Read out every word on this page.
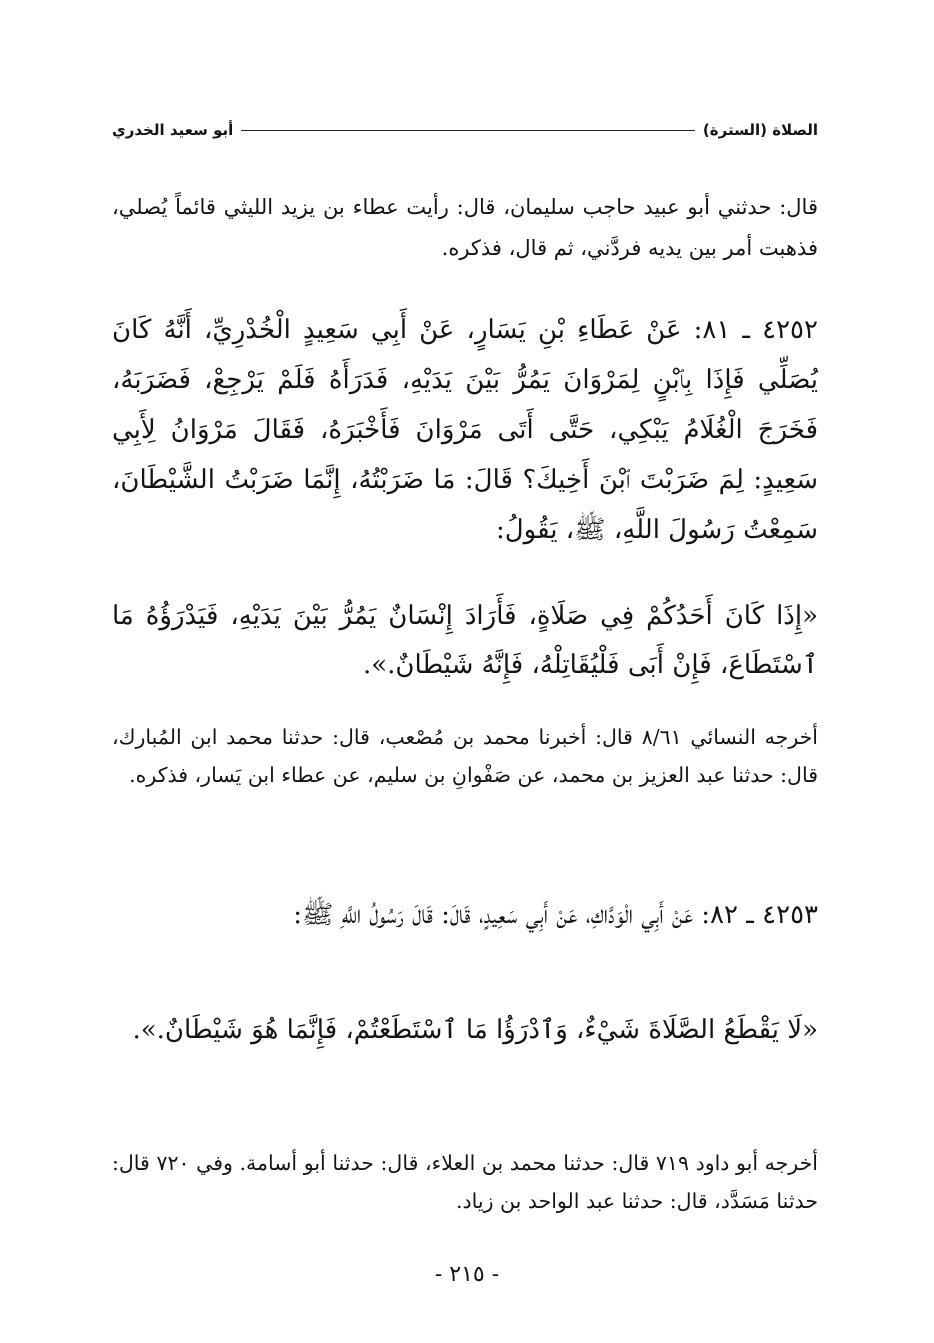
الصلاة (السترة)
أبو سعيد الخدري

قال: حدثني أبو عبيد حاجب سليمان، قال: رأيت عطاء بن يزيد الليثي قائماً يُصلي، فذهبت أمر بين يديه فردَّني، ثم قال، فذكره.

٤٢٥٢ ـ ٨١: عَنْ عَطَاءِ بْنِ يَسَارٍ، عَنْ أَبِي سَعِيدٍ الْخُدْرِيِّ، أَنَّهُ كَانَ يُصَلِّي فَإِذَا بِٱبْنٍ لِمَرْوَانَ يَمُرُّ بَيْنَ يَدَيْهِ، فَدَرَأَهُ فَلَمْ يَرْجِعْ، فَضَرَبَهُ، فَخَرَجَ الْغُلَامُ يَبْكِي، حَتَّى أَتَى مَرْوَانَ فَأَخْبَرَهُ، فَقَالَ مَرْوَانُ لِأَبِي سَعِيدٍ: لِمَ ضَرَبْتَ ٱبْنَ أَخِيكَ؟ قَالَ: مَا ضَرَبْتُهُ، إِنَّمَا ضَرَبْتُ الشَّيْطَانَ، سَمِعْتُ رَسُولَ اللَّهِ، ﷺ، يَقُولُ:

«إِذَا كَانَ أَحَدُكُمْ فِي صَلَاةٍ، فَأَرَادَ إِنْسَانٌ يَمُرُّ بَيْنَ يَدَيْهِ، فَيَدْرَؤُهُ مَا ٱسْتَطَاعَ، فَإِنْ أَبَى فَلْيُقَاتِلْهُ، فَإِنَّهُ شَيْطَانٌ.».

أخرجه النسائي ٨/٦١ قال: أخبرنا محمد بن مُصْعب، قال: حدثنا محمد ابن المُبارك، قال: حدثنا عبد العزيز بن محمد، عن صَفْوانِ بن سليم، عن عطاء ابن يَسار، فذكره.

٤٢٥٣ ـ ٨٢: عَنْ أَبِي الْوَدَّاكِ، عَنْ أَبِي سَعِيدٍ، قَالَ: قَالَ رَسُولُ اللَّهِ ﷺ:

«لَا يَقْطَعُ الصَّلَاةَ شَيْءٌ، وَٱدْرَؤُا مَا ٱسْتَطَعْتُمْ، فَإِنَّمَا هُوَ شَيْطَانٌ.».

أخرجه أبو داود ٧١٩ قال: حدثنا محمد بن العلاء، قال: حدثنا أبو أسامة. وفي ٧٢٠ قال: حدثنا مَسَدَّد، قال: حدثنا عبد الواحد بن زياد.

- ٢١٥ -
